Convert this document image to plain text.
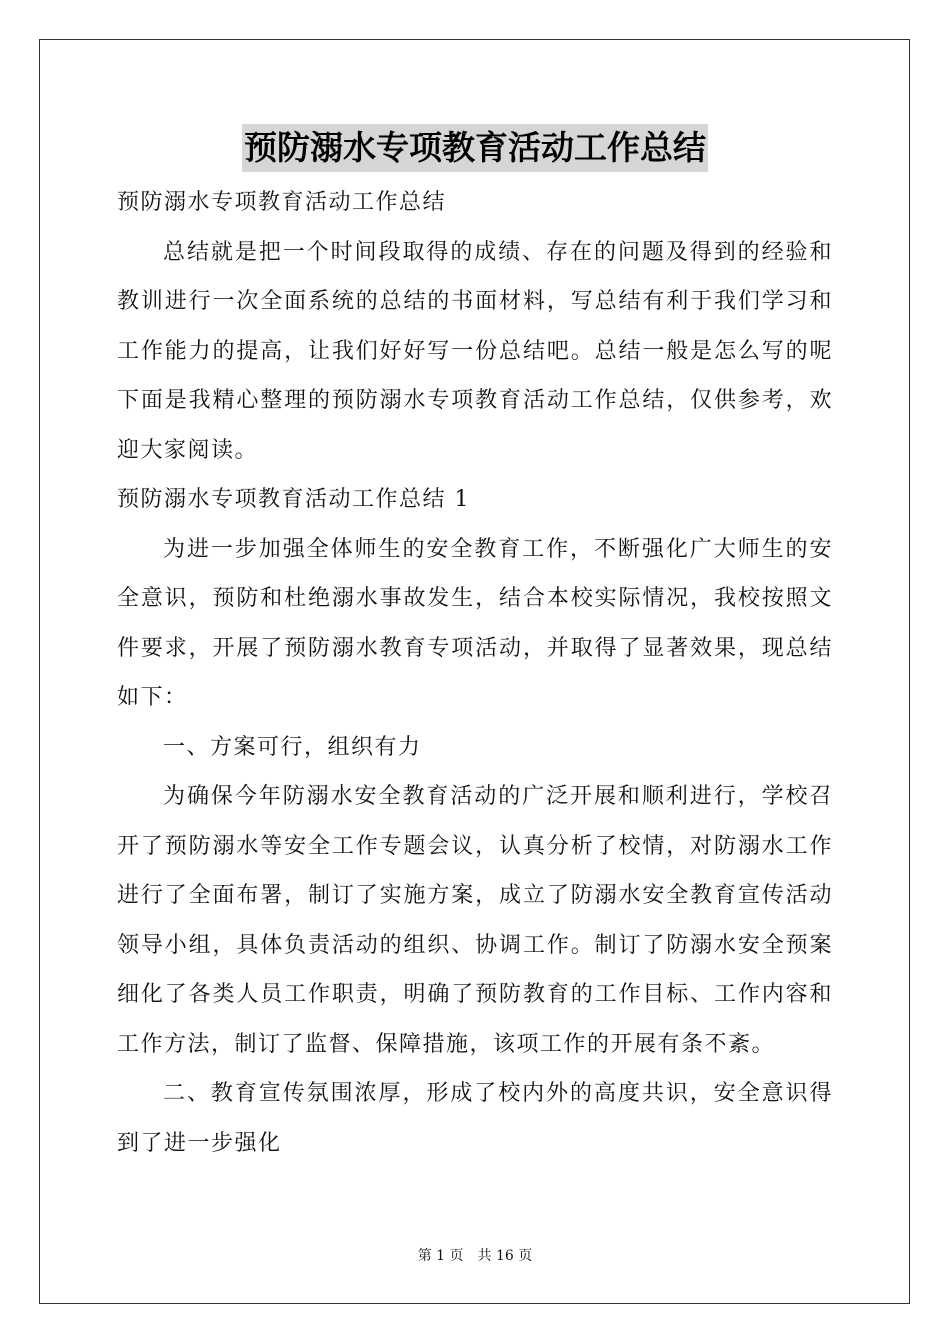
预防溺水专项教育活动工作总结

预防溺水专项教育活动工作总结

总结就是把一个时间段取得的成绩、存在的问题及得到的经验和教训进行一次全面系统的总结的书面材料，写总结有利于我们学习和工作能力的提高，让我们好好写一份总结吧。总结一般是怎么写的呢下面是我精心整理的预防溺水专项教育活动工作总结，仅供参考，欢迎大家阅读。

预防溺水专项教育活动工作总结 1

为进一步加强全体师生的安全教育工作，不断强化广大师生的安全意识，预防和杜绝溺水事故发生，结合本校实际情况，我校按照文件要求，开展了预防溺水教育专项活动，并取得了显著效果，现总结如下：

一、方案可行，组织有力

为确保今年防溺水安全教育活动的广泛开展和顺利进行，学校召开了预防溺水等安全工作专题会议，认真分析了校情，对防溺水工作进行了全面布署，制订了实施方案，成立了防溺水安全教育宣传活动领导小组，具体负责活动的组织、协调工作。制订了防溺水安全预案细化了各类人员工作职责，明确了预防教育的工作目标、工作内容和工作方法，制订了监督、保障措施，该项工作的开展有条不紊。

二、教育宣传氛围浓厚，形成了校内外的高度共识，安全意识得到了进一步强化

第 1 页 共 16 页
